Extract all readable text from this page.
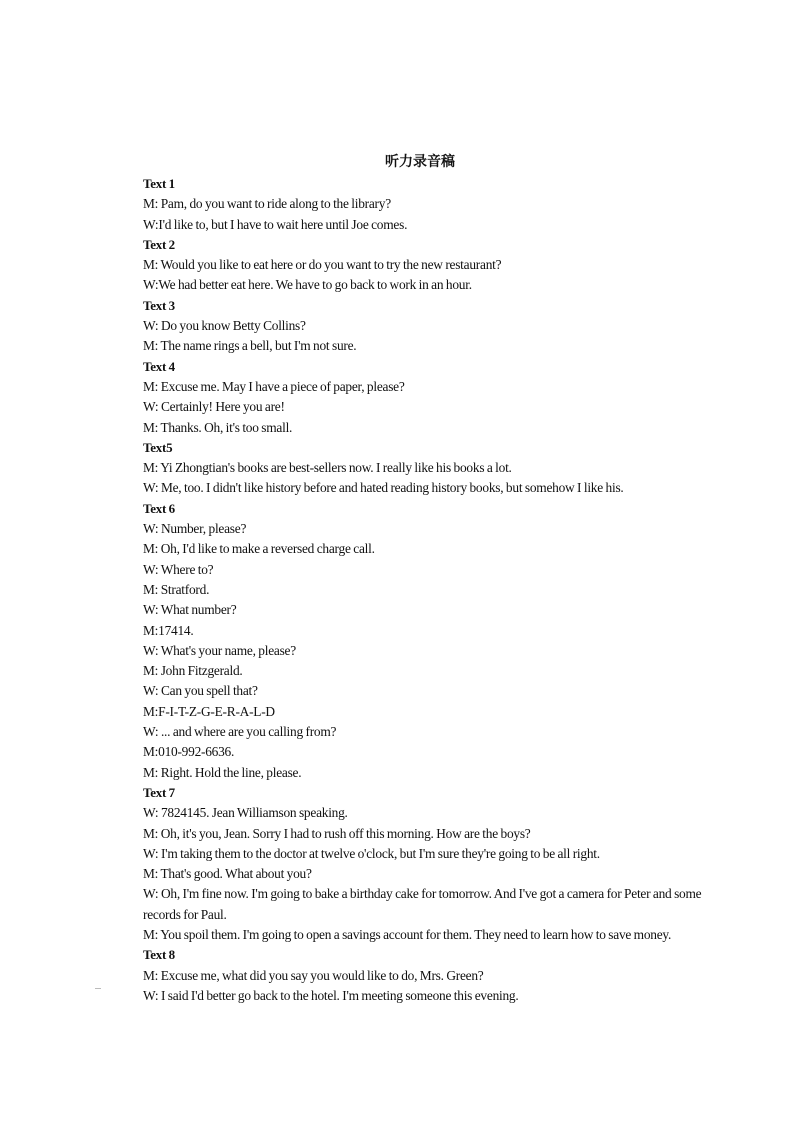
听力录音稿

Text 1

M: Pam, do you want to ride along to the library?

W:I'd like to, but I have to wait here until Joe comes.

Text 2

M: Would you like to eat here or do you want to try the new restaurant?

W:We had better eat here. We have to go back to work in an hour.

Text 3

W: Do you know Betty Collins?

M: The name rings a bell, but I'm not sure.

Text 4

M: Excuse me. May I have a piece of paper, please?

W: Certainly! Here you are!

M: Thanks. Oh, it's too small.

Text5

M: Yi Zhongtian's books are best-sellers now. I really like his books a lot.

W: Me, too. I didn't like history before and hated reading history books, but somehow I like his.

Text 6

W: Number, please?

M: Oh, I'd like to make a reversed charge call.

W: Where to?

M: Stratford.

W: What number?

M:17414.

W: What's your name, please?

M: John Fitzgerald.

W: Can you spell that?

M:F-I-T-Z-G-E-R-A-L-D

W: ... and where are you calling from?

M:010-992-6636.

M: Right. Hold the line, please.

Text 7

W: 7824145. Jean Williamson speaking.

M: Oh, it's you, Jean. Sorry I had to rush off this morning. How are the boys?

W: I'm taking them to the doctor at twelve o'clock, but I'm sure they're going to be all right.

M: That's good. What about you?

W: Oh, I'm fine now. I'm going to bake a birthday cake for tomorrow. And I've got a camera for Peter and some records for Paul.

M: You spoil them. I'm going to open a savings account for them. They need to learn how to save money.

Text 8

M: Excuse me, what did you say you would like to do, Mrs. Green?

W: I said I'd better go back to the hotel. I'm meeting someone this evening.
